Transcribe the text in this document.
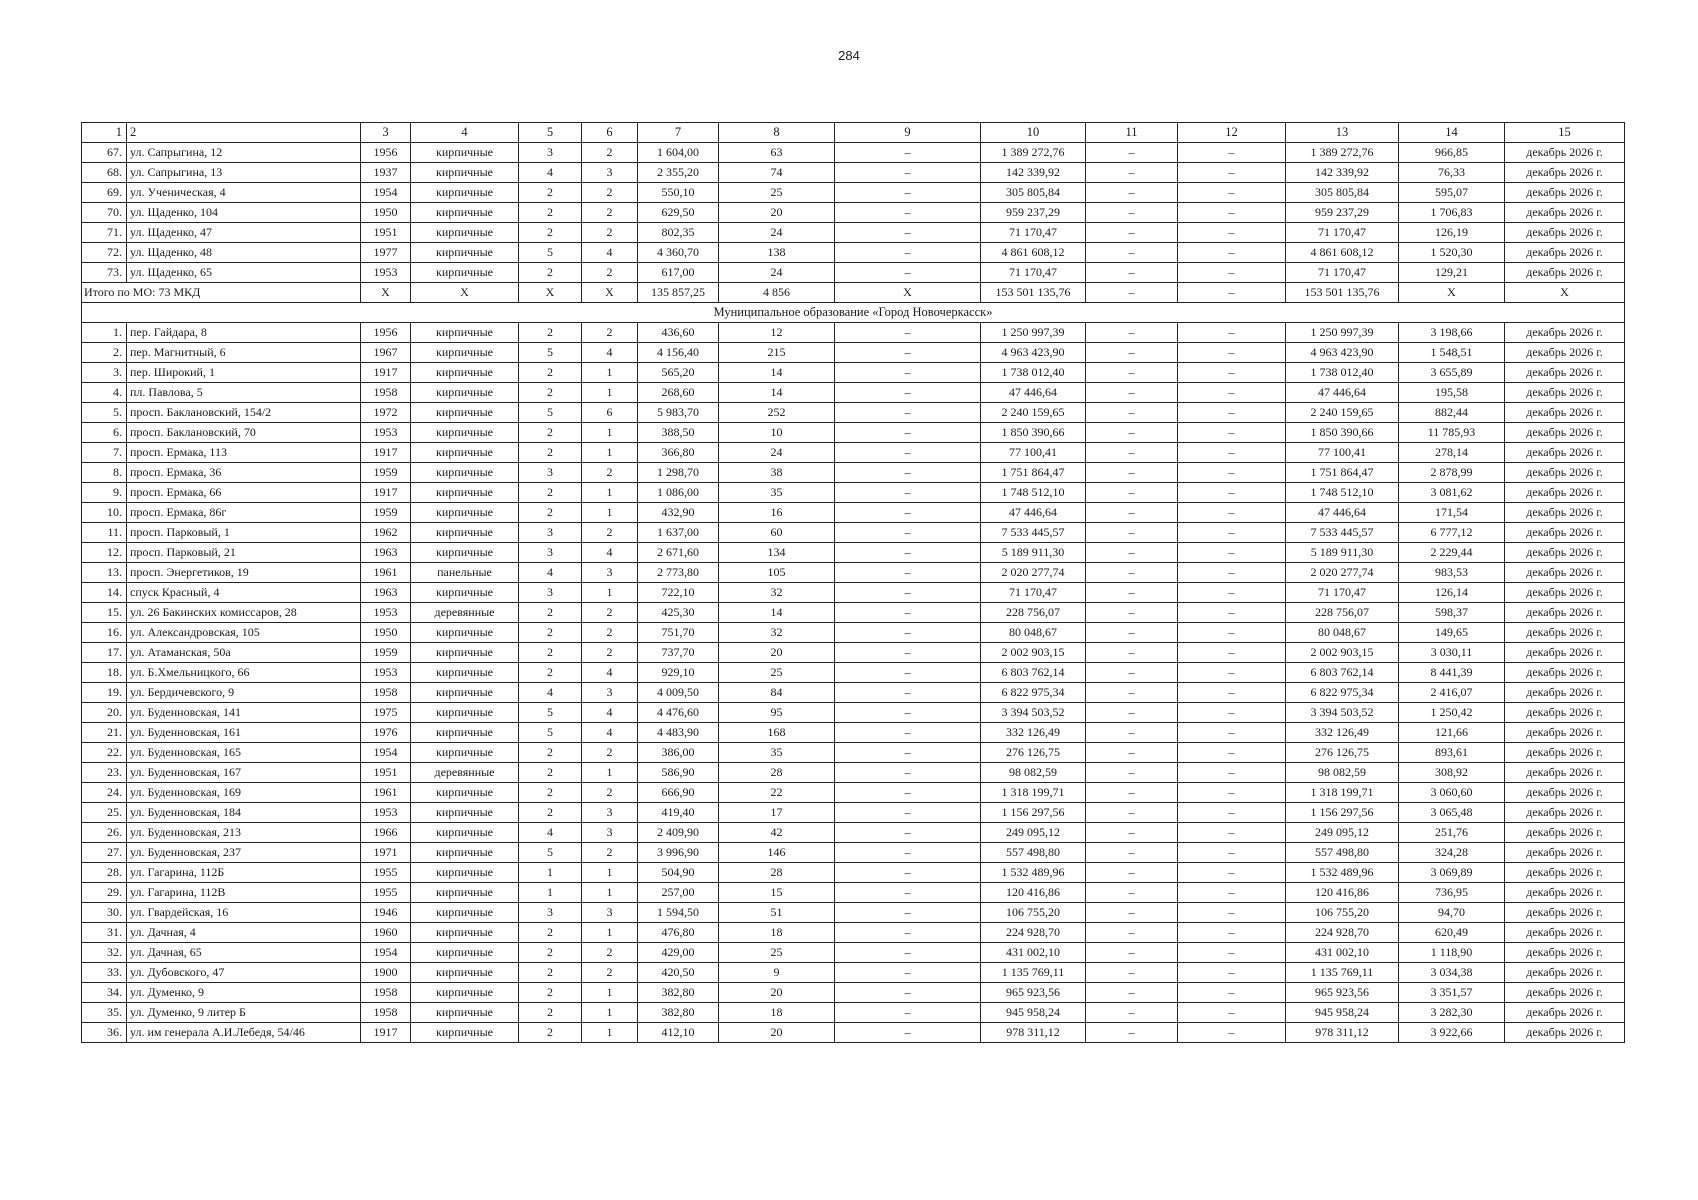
284
1	2	3	4	5	6	7	8	9	10	11	12	13	14	15
67.	ул. Сапрыгина, 12	1956	кирпичные	3	2	1 604,00	63	–	1 389 272,76	–	–	1 389 272,76	966,85	декабрь 2026 г.
68.	ул. Сапрыгина, 13	1937	кирпичные	4	3	2 355,20	74	–	142 339,92	–	–	142 339,92	76,33	декабрь 2026 г.
69.	ул. Ученическая, 4	1954	кирпичные	2	2	550,10	25	–	305 805,84	–	–	305 805,84	595,07	декабрь 2026 г.
70.	ул. Щаденко, 104	1950	кирпичные	2	2	629,50	20	–	959 237,29	–	–	959 237,29	1 706,83	декабрь 2026 г.
71.	ул. Щаденко, 47	1951	кирпичные	2	2	802,35	24	–	71 170,47	–	–	71 170,47	126,19	декабрь 2026 г.
72.	ул. Щаденко, 48	1977	кирпичные	5	4	4 360,70	138	–	4 861 608,12	–	–	4 861 608,12	1 520,30	декабрь 2026 г.
73.	ул. Щаденко, 65	1953	кирпичные	2	2	617,00	24	–	71 170,47	–	–	71 170,47	129,21	декабрь 2026 г.
Итого по МО: 73 МКД		X	X	X	X	135 857,25	4 856	X	153 501 135,76	–	–	153 501 135,76	X	X
Муниципальное образование «Город Новочеркасск»														
1.	пер. Гайдара, 8	1956	кирпичные	2	2	436,60	12	–	1 250 997,39	–	–	1 250 997,39	3 198,66	декабрь 2026 г.
2.	пер. Магнитный, 6	1967	кирпичные	5	4	4 156,40	215	–	4 963 423,90	–	–	4 963 423,90	1 548,51	декабрь 2026 г.
3.	пер. Широкий, 1	1917	кирпичные	2	1	565,20	14	–	1 738 012,40	–	–	1 738 012,40	3 655,89	декабрь 2026 г.
4.	пл. Павлова, 5	1958	кирпичные	2	1	268,60	14	–	47 446,64	–	–	47 446,64	195,58	декабрь 2026 г.
5.	просп. Баклановский, 154/2	1972	кирпичные	5	6	5 983,70	252	–	2 240 159,65	–	–	2 240 159,65	882,44	декабрь 2026 г.
6.	просп. Баклановский, 70	1953	кирпичные	2	1	388,50	10	–	1 850 390,66	–	–	1 850 390,66	11 785,93	декабрь 2026 г.
7.	просп. Ермака, 113	1917	кирпичные	2	1	366,80	24	–	77 100,41	–	–	77 100,41	278,14	декабрь 2026 г.
8.	просп. Ермака, 36	1959	кирпичные	3	2	1 298,70	38	–	1 751 864,47	–	–	1 751 864,47	2 878,99	декабрь 2026 г.
9.	просп. Ермака, 66	1917	кирпичные	2	1	1 086,00	35	–	1 748 512,10	–	–	1 748 512,10	3 081,62	декабрь 2026 г.
10.	просп. Ермака, 86г	1959	кирпичные	2	1	432,90	16	–	47 446,64	–	–	47 446,64	171,54	декабрь 2026 г.
11.	просп. Парковый, 1	1962	кирпичные	3	2	1 637,00	60	–	7 533 445,57	–	–	7 533 445,57	6 777,12	декабрь 2026 г.
12.	просп. Парковый, 21	1963	кирпичные	3	4	2 671,60	134	–	5 189 911,30	–	–	5 189 911,30	2 229,44	декабрь 2026 г.
13.	просп. Энергетиков, 19	1961	панельные	4	3	2 773,80	105	–	2 020 277,74	–	–	2 020 277,74	983,53	декабрь 2026 г.
14.	спуск Красный, 4	1963	кирпичные	3	1	722,10	32	–	71 170,47	–	–	71 170,47	126,14	декабрь 2026 г.
15.	ул. 26 Бакинских комиссаров, 28	1953	деревянные	2	2	425,30	14	–	228 756,07	–	–	228 756,07	598,37	декабрь 2026 г.
16.	ул. Александровская, 105	1950	кирпичные	2	2	751,70	32	–	80 048,67	–	–	80 048,67	149,65	декабрь 2026 г.
17.	ул. Атаманская, 50а	1959	кирпичные	2	2	737,70	20	–	2 002 903,15	–	–	2 002 903,15	3 030,11	декабрь 2026 г.
18.	ул. Б.Хмельницкого, 66	1953	кирпичные	2	4	929,10	25	–	6 803 762,14	–	–	6 803 762,14	8 441,39	декабрь 2026 г.
19.	ул. Бердичевского, 9	1958	кирпичные	4	3	4 009,50	84	–	6 822 975,34	–	–	6 822 975,34	2 416,07	декабрь 2026 г.
20.	ул. Буденновская, 141	1975	кирпичные	5	4	4 476,60	95	–	3 394 503,52	–	–	3 394 503,52	1 250,42	декабрь 2026 г.
21.	ул. Буденновская, 161	1976	кирпичные	5	4	4 483,90	168	–	332 126,49	–	–	332 126,49	121,66	декабрь 2026 г.
22.	ул. Буденновская, 165	1954	кирпичные	2	2	386,00	35	–	276 126,75	–	–	276 126,75	893,61	декабрь 2026 г.
23.	ул. Буденновская, 167	1951	деревянные	2	1	586,90	28	–	98 082,59	–	–	98 082,59	308,92	декабрь 2026 г.
24.	ул. Буденновская, 169	1961	кирпичные	2	2	666,90	22	–	1 318 199,71	–	–	1 318 199,71	3 060,60	декабрь 2026 г.
25.	ул. Буденновская, 184	1953	кирпичные	2	3	419,40	17	–	1 156 297,56	–	–	1 156 297,56	3 065,48	декабрь 2026 г.
26.	ул. Буденновская, 213	1966	кирпичные	4	3	2 409,90	42	–	249 095,12	–	–	249 095,12	251,76	декабрь 2026 г.
27.	ул. Буденновская, 237	1971	кирпичные	5	2	3 996,90	146	–	557 498,80	–	–	557 498,80	324,28	декабрь 2026 г.
28.	ул. Гагарина, 112Б	1955	кирпичные	1	1	504,90	28	–	1 532 489,96	–	–	1 532 489,96	3 069,89	декабрь 2026 г.
29.	ул. Гагарина, 112В	1955	кирпичные	1	1	257,00	15	–	120 416,86	–	–	120 416,86	736,95	декабрь 2026 г.
30.	ул. Гвардейская, 16	1946	кирпичные	3	3	1 594,50	51	–	106 755,20	–	–	106 755,20	94,70	декабрь 2026 г.
31.	ул. Дачная, 4	1960	кирпичные	2	1	476,80	18	–	224 928,70	–	–	224 928,70	620,49	декабрь 2026 г.
32.	ул. Дачная, 65	1954	кирпичные	2	2	429,00	25	–	431 002,10	–	–	431 002,10	1 118,90	декабрь 2026 г.
33.	ул. Дубовского, 47	1900	кирпичные	2	2	420,50	9	–	1 135 769,11	–	–	1 135 769,11	3 034,38	декабрь 2026 г.
34.	ул. Думенко, 9	1958	кирпичные	2	1	382,80	20	–	965 923,56	–	–	965 923,56	3 351,57	декабрь 2026 г.
35.	ул. Думенко, 9 литер Б	1958	кирпичные	2	1	382,80	18	–	945 958,24	–	–	945 958,24	3 282,30	декабрь 2026 г.
36.	ул. им генерала А.И.Лебедя, 54/46	1917	кирпичные	2	1	412,10	20	–	978 311,12	–	–	978 311,12	3 922,66	декабрь 2026 г.
